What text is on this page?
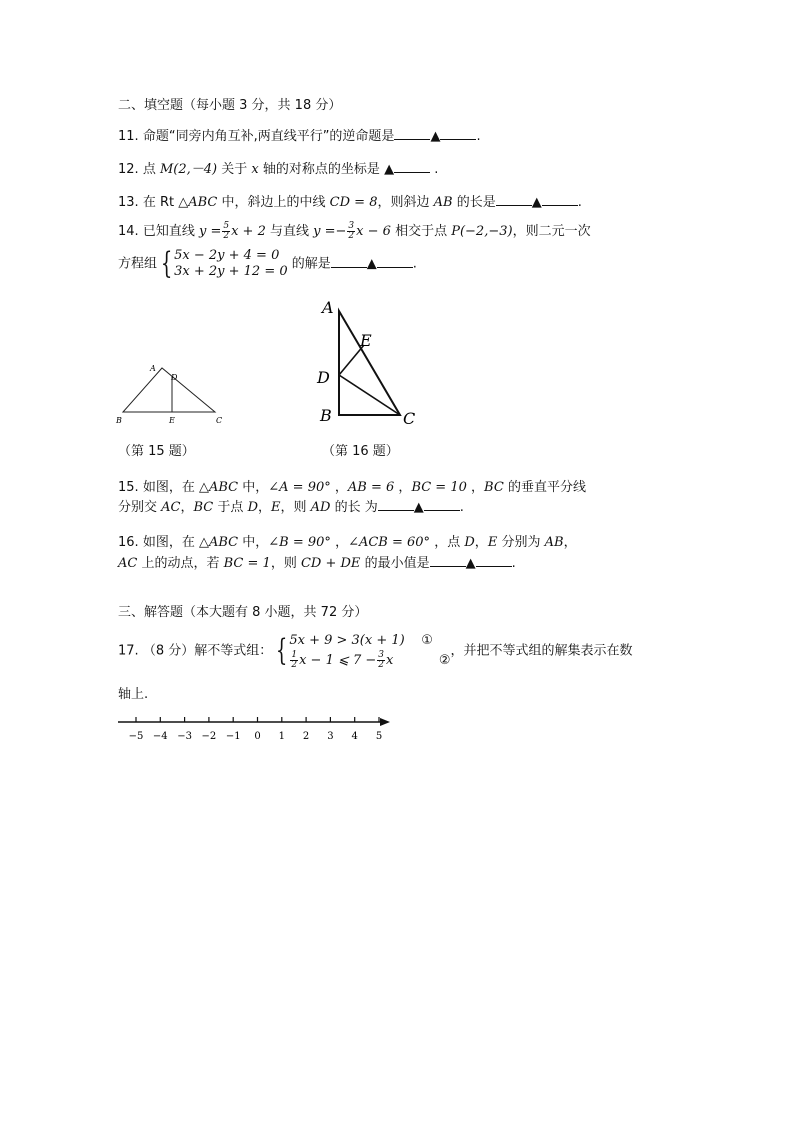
二、填空题（每小题 3 分，共 18 分）
11. 命题“同旁内角互补,两直线平行”的逆命题是	▲	.
12. 点 M(2,－4) 关于 x 轴的对称点的坐标是 ▲	.
13. 在 Rt △ABC 中，斜边上的中线 CD = 8，则斜边 AB 的长是	▲	.
14. 已知直线 $y = \frac{5}{2}$ x + 2 与直线 $y =- \frac{3}{2}$ x − 6 相交于点 P(−2,−3)，则二元一次
方程组 { 5x − 2y + 4 = 0
3x + 2y + 12 = 0 的解是	▲	.
A
D
B	E	C
（第 15 题）
A
E
D
B	C
（第 16 题）
15. 如图，在 △ABC 中，∠A = 90° ，AB = 6 ，BC = 10 ，BC 的垂直平分线
分别交 AC，BC 于点 D，E，则 AD 的长 为	▲	.
16. 如图，在 △ABC 中，∠B = 90° ，∠ACB = 60° ，点 D，E 分别为 AB，
AC 上的动点，若 BC = 1，则 CD + DE 的最小值是	▲	.
三、解答题（本大题有 8 小题，共 72 分）
17. （8 分）解不等式组： { 5x + 9 > 3(x + 1) ①
$\frac{1}{2}$ x − 1 ⩽ $7 - \frac{3}{2}$ x	②
，并把不等式组的解集表示在数
轴上.
−5 −4 −3 −2 −1 0 1 2 3 4 5
